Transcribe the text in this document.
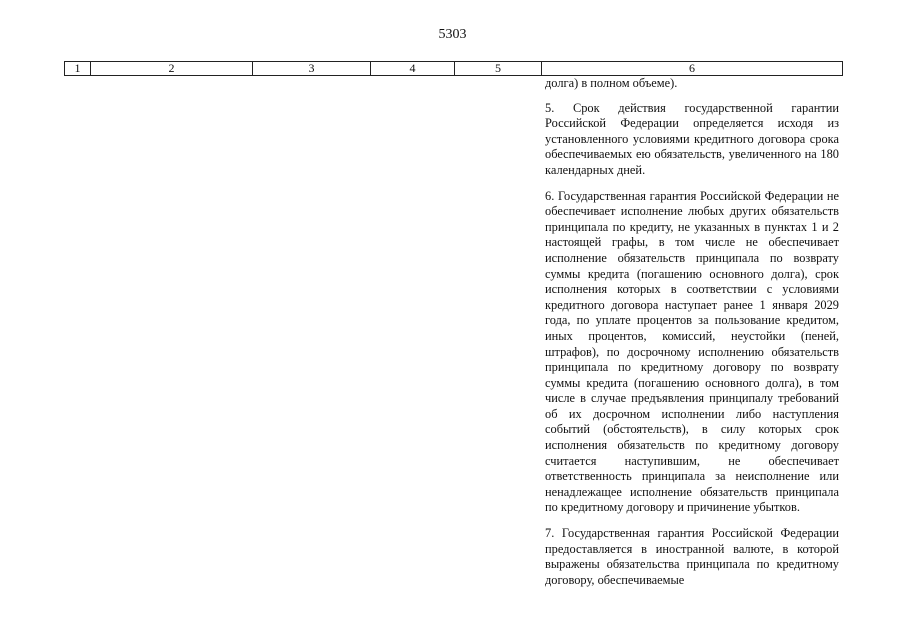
5303
1	2	3	4	5	6

долга) в полном объеме).

5. Срок действия государственной гарантии Российской Федерации определяется исходя из установленного условиями кредитного договора срока обеспечиваемых ею обязательств, увеличенного на 180 календарных дней.

6. Государственная гарантия Российской Федерации не обеспечивает исполнение любых других обязательств принципала по кредиту, не указанных в пунктах 1 и 2 настоящей графы, в том числе не обеспечивает исполнение обязательств принципала по возврату суммы кредита (погашению основного долга), срок исполнения которых в соответствии с условиями кредитного договора наступает ранее 1 января 2029 года, по уплате процентов за пользование кредитом, иных процентов, комиссий, неустойки (пеней, штрафов), по досрочному исполнению обязательств принципала по кредитному договору по возврату суммы кредита (погашению основного долга), в том числе в случае предъявления принципалу требований об их досрочном исполнении либо наступления событий (обстоятельств), в силу которых срок исполнения обязательств по кредитному договору считается наступившим, не обеспечивает ответственность принципала за неисполнение или ненадлежащее исполнение обязательств принципала по кредитному договору и причинение убытков.

7. Государственная гарантия Российской Федерации предоставляется в иностранной валюте, в которой выражены обязательства принципала по кредитному договору, обеспечиваемые
